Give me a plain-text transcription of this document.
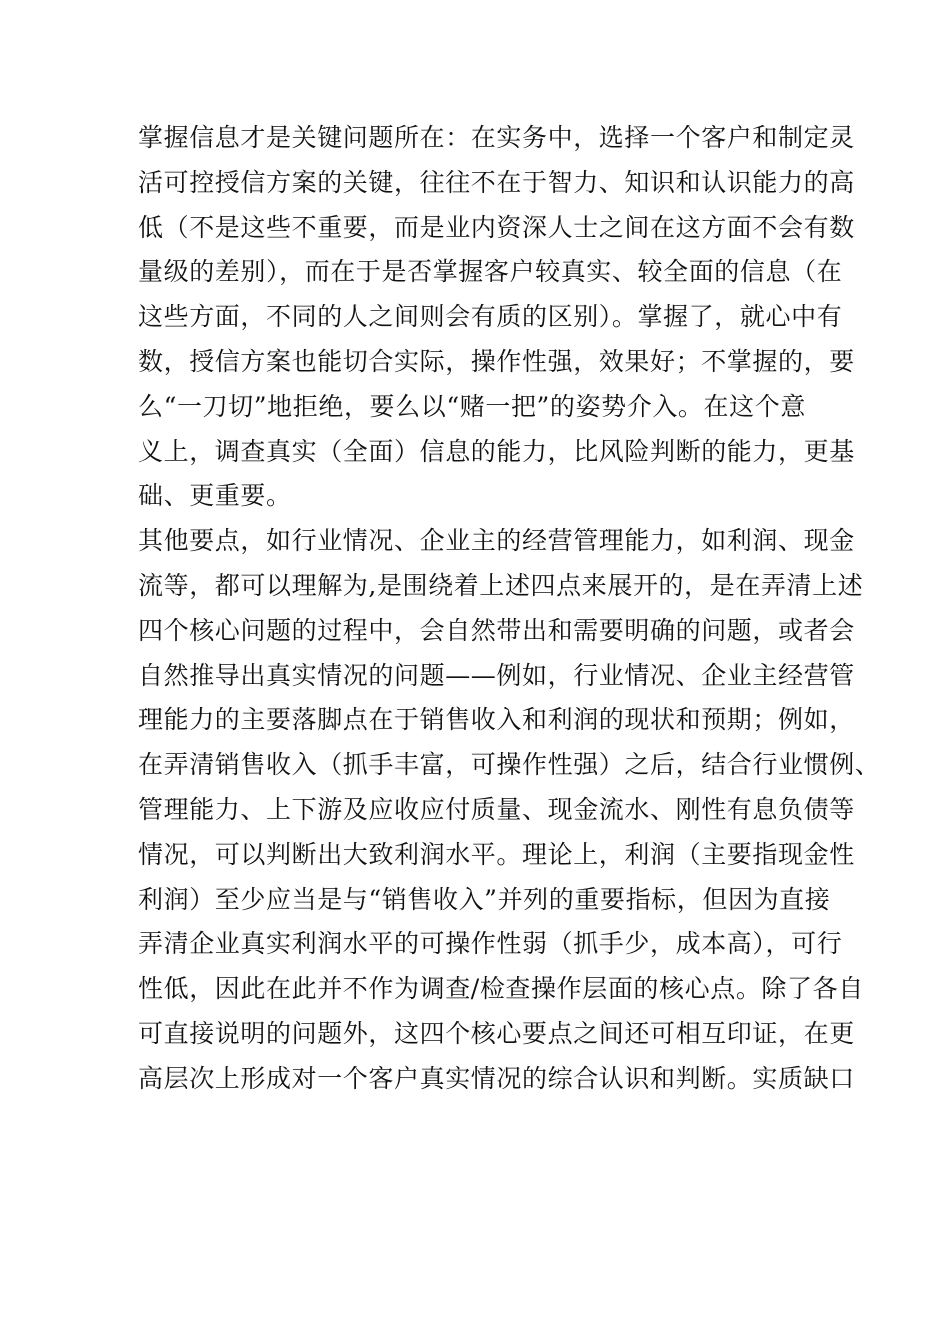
掌握信息才是关键问题所在：在实务中，选择一个客户和制定灵
活可控授信方案的关键，往往不在于智力、知识和认识能力的高
低（不是这些不重要，而是业内资深人士之间在这方面不会有数
量级的差别），而在于是否掌握客户较真实、较全面的信息（在
这些方面，不同的人之间则会有质的区别）。掌握了，就心中有
数，授信方案也能切合实际，操作性强，效果好；不掌握的，要
么“一刀切”地拒绝，要么以“赌一把”的姿势介入。在这个意
义上，调查真实（全面）信息的能力，比风险判断的能力，更基
础、更重要。
其他要点，如行业情况、企业主的经营管理能力，如利润、现金
流等，都可以理解为,是围绕着上述四点来展开的，是在弄清上述
四个核心问题的过程中，会自然带出和需要明确的问题，或者会
自然推导出真实情况的问题——例如，行业情况、企业主经营管
理能力的主要落脚点在于销售收入和利润的现状和预期；例如，
在弄清销售收入（抓手丰富，可操作性强）之后，结合行业惯例、
管理能力、上下游及应收应付质量、现金流水、刚性有息负债等
情况，可以判断出大致利润水平。理论上，利润（主要指现金性
利润）至少应当是与“销售收入”并列的重要指标，但因为直接
弄清企业真实利润水平的可操作性弱（抓手少，成本高），可行
性低，因此在此并不作为调查/检查操作层面的核心点。除了各自
可直接说明的问题外，这四个核心要点之间还可相互印证，在更
高层次上形成对一个客户真实情况的综合认识和判断。实质缺口
